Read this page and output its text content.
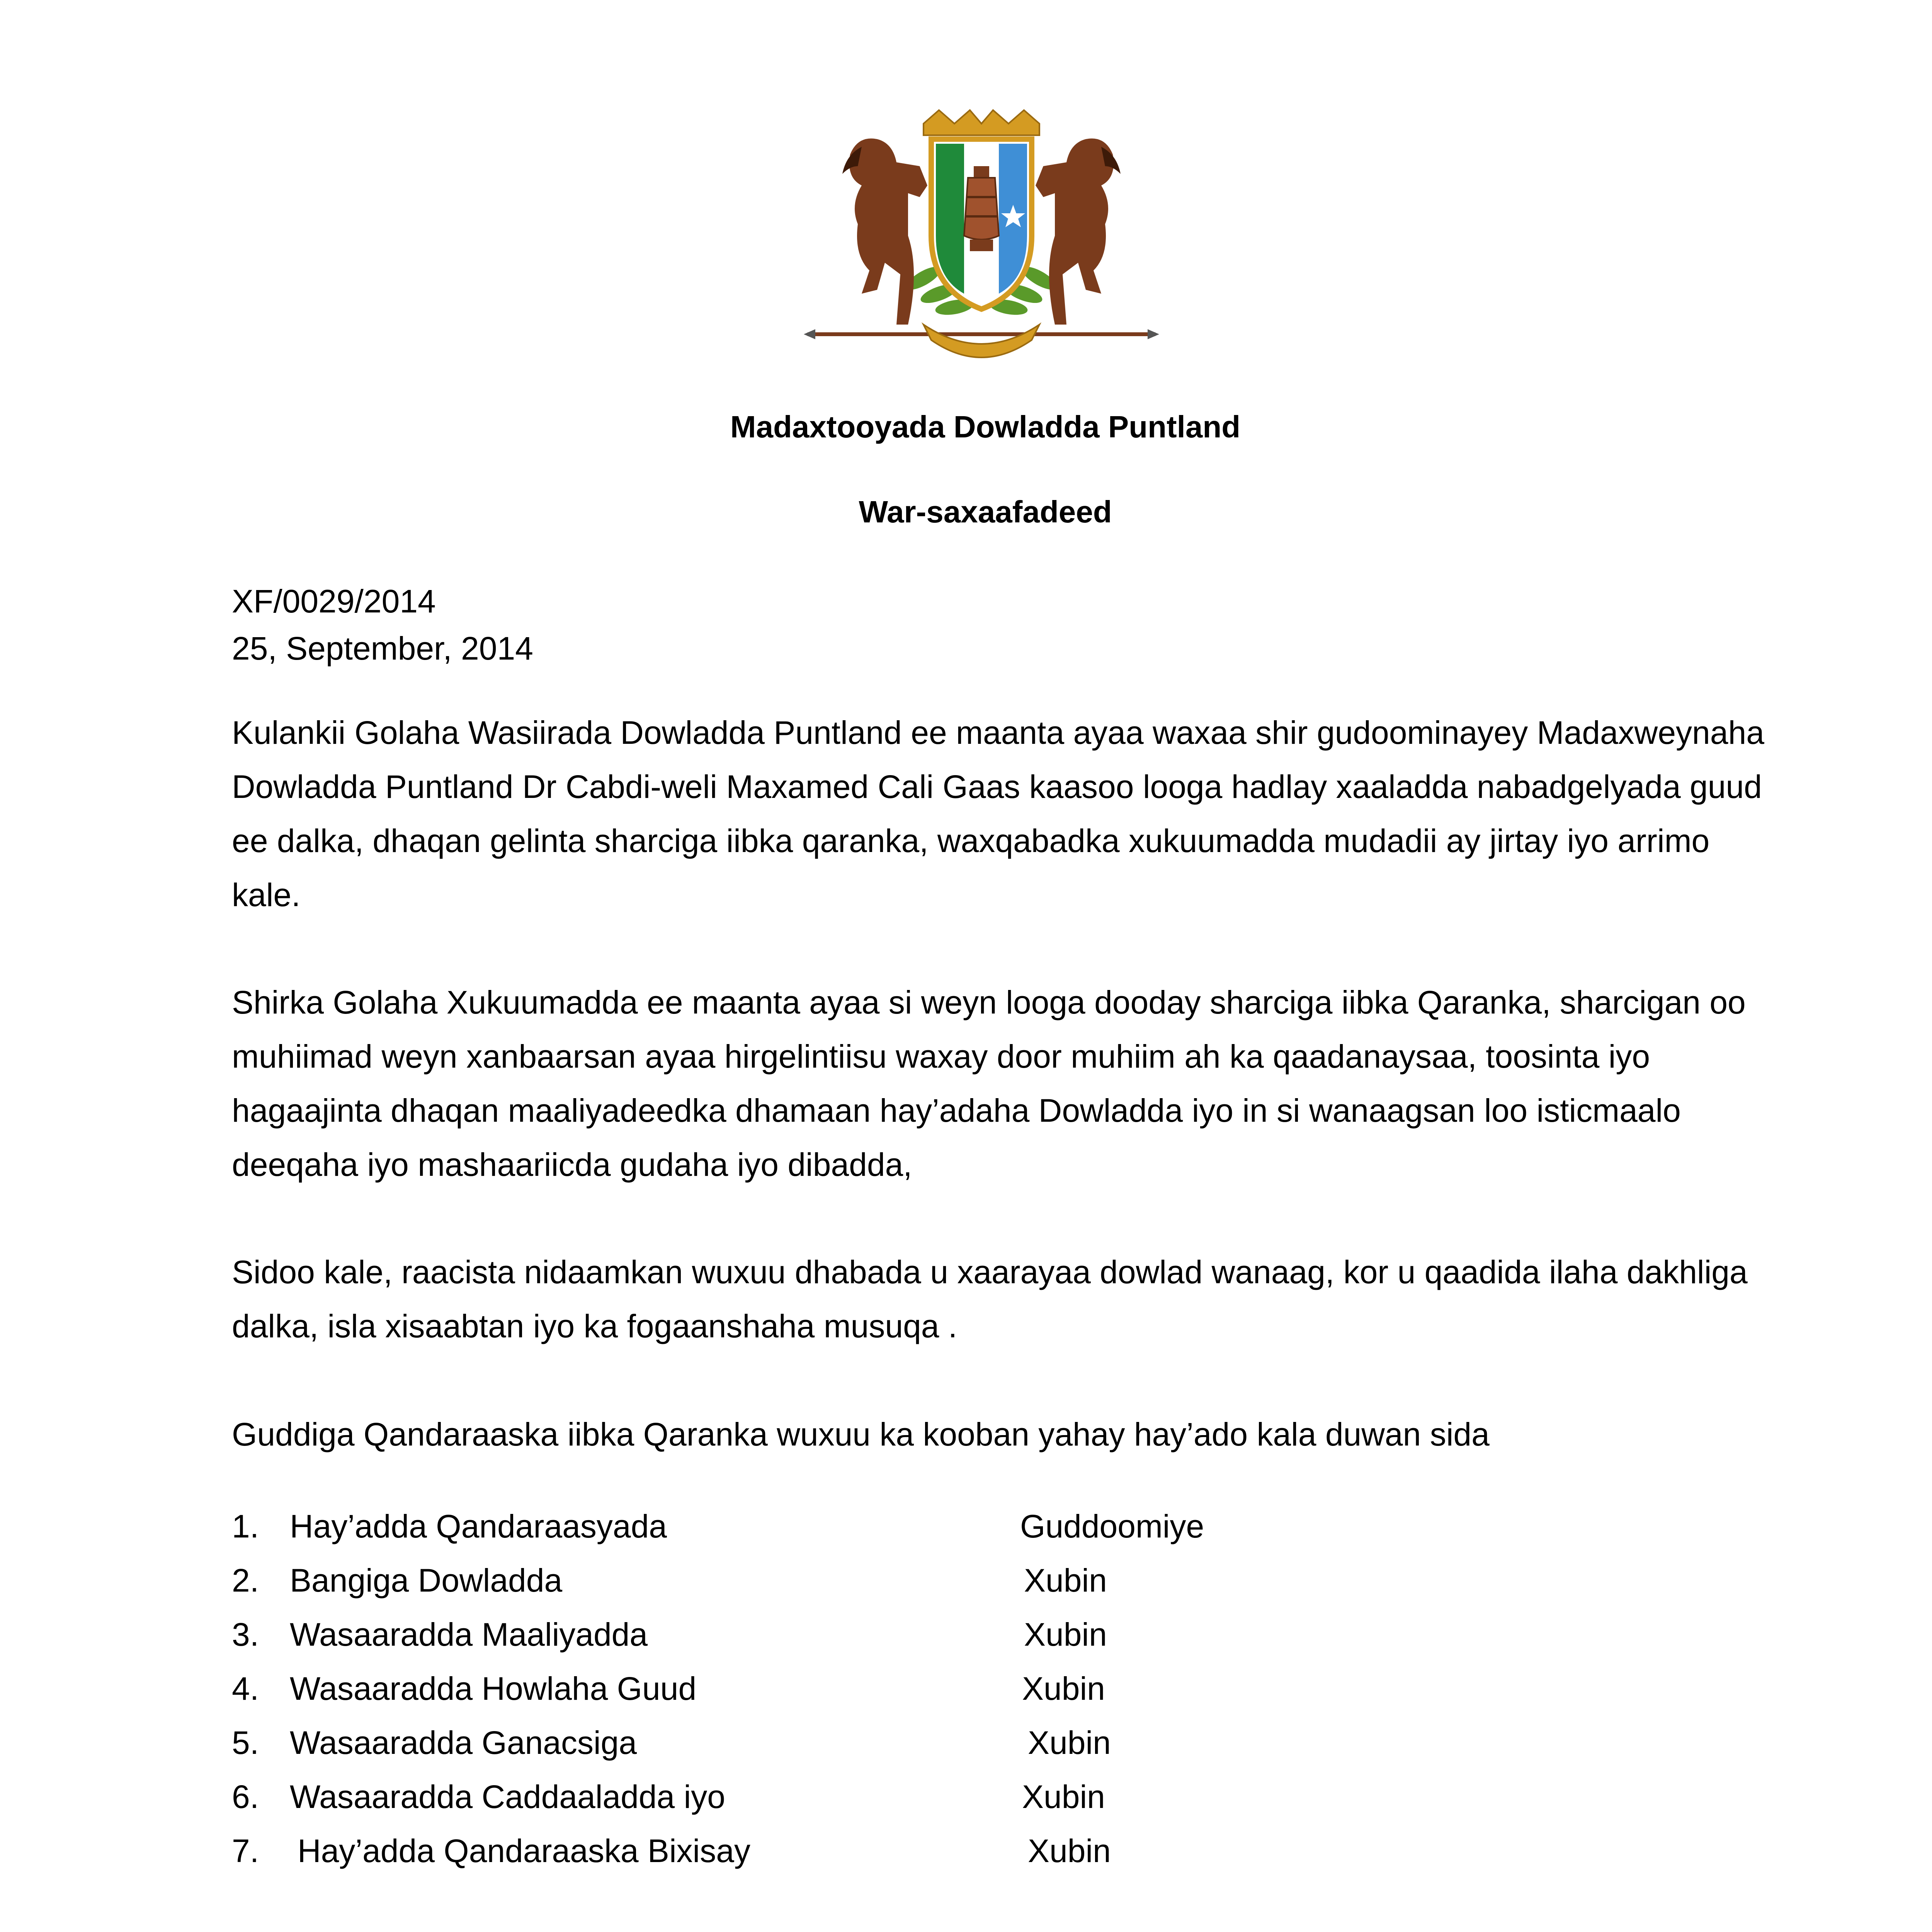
Madaxtooyada Dowladda Puntland
War-saxaafadeed
XF/0029/2014
25, September, 2014

Kulankii Golaha Wasiirada Dowladda Puntland ee maanta ayaa waxaa shir gudoominayey Madaxweynaha Dowladda Puntland Dr Cabdi-weli Maxamed Cali Gaas kaasoo looga hadlay xaaladda nabadgelyada guud ee dalka, dhaqan gelinta sharciga iibka qaranka, waxqabadka xukuumadda mudadii ay jirtay iyo arrimo kale.

Shirka Golaha Xukuumadda ee maanta ayaa si weyn looga dooday sharciga iibka Qaranka, sharcigan oo muhiimad weyn xanbaarsan ayaa hirgelintiisu waxay door muhiim ah ka qaadanaysaa, toosinta iyo hagaajinta dhaqan maaliyadeedka dhamaan hay’adaha Dowladda iyo in si wanaagsan loo isticmaalo deeqaha iyo mashaariicda gudaha iyo dibadda,

Sidoo kale, raacista nidaamkan wuxuu dhabada u xaarayaa dowlad wanaag, kor u qaadida ilaha dakhliga dalka, isla xisaabtan iyo ka fogaanshaha musuqa .

Guddiga Qandaraaska iibka Qaranka wuxuu ka kooban yahay hay’ado kala duwan sida

1. Hay’adda Qandaraasyada	Guddoomiye
2. Bangiga Dowladda	Xubin
3. Wasaaradda Maaliyadda	Xubin
4. Wasaaradda Howlaha Guud	Xubin
5. Wasaaradda Ganacsiga	Xubin
6. Wasaaradda Caddaaladda iyo	Xubin
7. Hay’adda Qandaraaska Bixisay	Xubin
